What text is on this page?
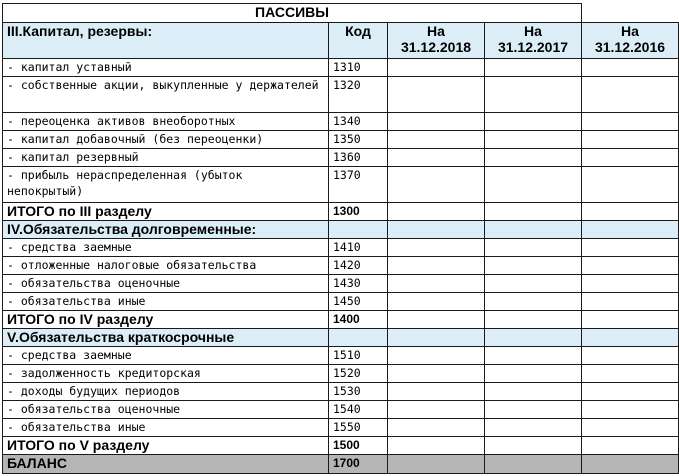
ПАССИВЫ				
III.Капитал, резервы:	Код	На 31.12.2018	На 31.12.2017	На 31.12.2016
- капитал уставный	1310			
- собственные акции, выкупленные у держателей	1320			
- переоценка активов внеоборотных	1340			
- капитал добавочный (без переоценки)	1350			
- капитал резервный	1360			
- прибыль нераспределенная (убыток непокрытый)	1370			
ИТОГО по III разделу	1300			
IV.Обязательства долговременные:				
- средства заемные	1410			
- отложенные налоговые обязательства	1420			
- обязательства оценочные	1430			
- обязательства иные	1450			
ИТОГО по IV разделу	1400			
V.Обязательства краткосрочные				
- средства заемные	1510			
- задолженность кредиторская	1520			
- доходы будущих периодов	1530			
- обязательства оценочные	1540			
- обязательства иные	1550			
ИТОГО по V разделу	1500			
БАЛАНС	1700			
